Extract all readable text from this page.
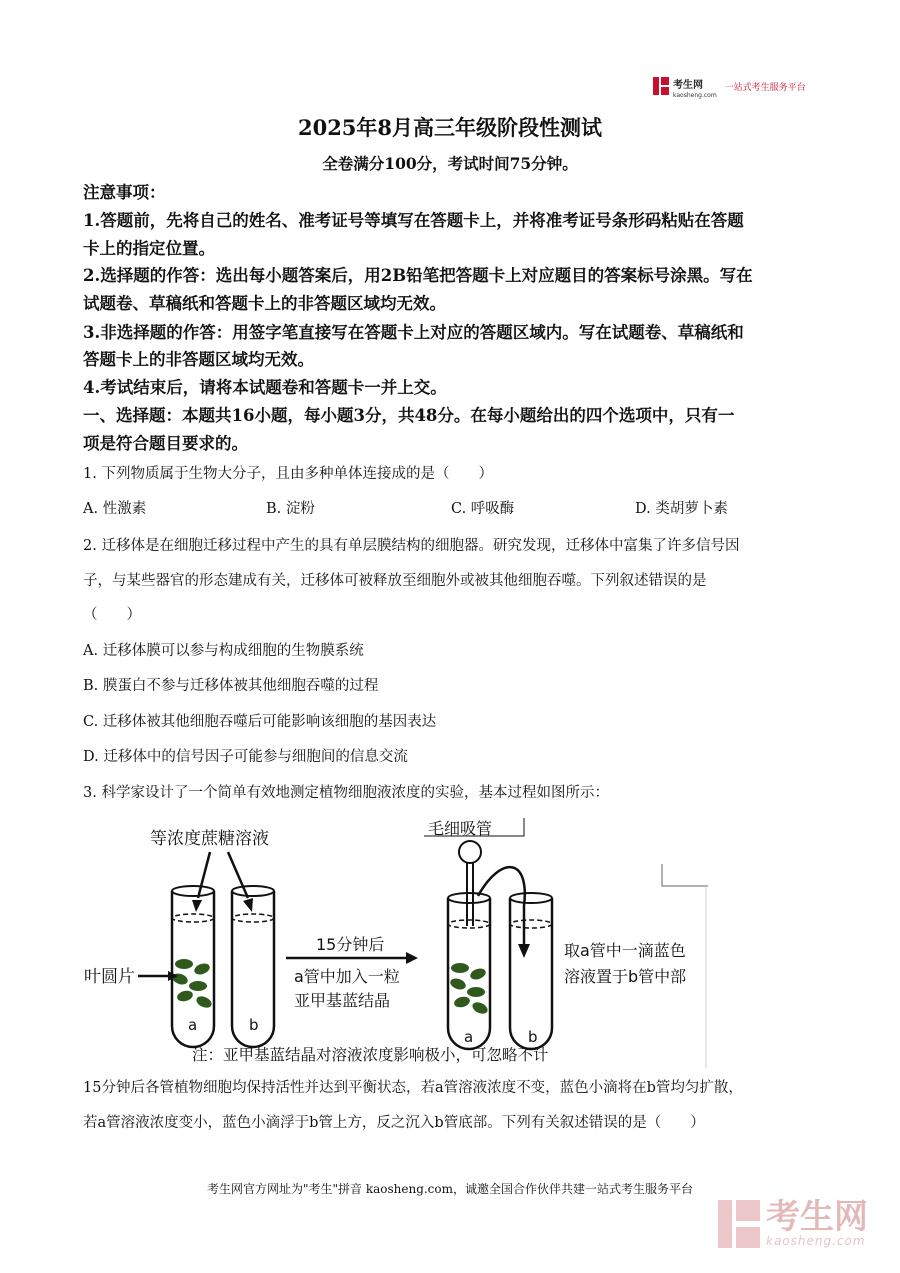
考生网
kaosheng.com
一站式考生服务平台
2025年8月高三年级阶段性测试
全卷满分100分，考试时间75分钟。
注意事项：
1.答题前，先将自己的姓名、准考证号等填写在答题卡上，并将准考证号条形码粘贴在答题
卡上的指定位置。
2.选择题的作答：选出每小题答案后，用2B铅笔把答题卡上对应题目的答案标号涂黑。写在
试题卷、草稿纸和答题卡上的非答题区域均无效。
3.非选择题的作答：用签字笔直接写在答题卡上对应的答题区域内。写在试题卷、草稿纸和
答题卡上的非答题区域均无效。
4.考试结束后，请将本试题卷和答题卡一并上交。
一、选择题：本题共16小题，每小题3分，共48分。在每小题给出的四个选项中，只有一
项是符合题目要求的。
1. 下列物质属于生物大分子，且由多种单体连接成的是（　　）
A. 性激素	B. 淀粉	C. 呼吸酶	D. 类胡萝卜素
2. 迁移体是在细胞迁移过程中产生的具有单层膜结构的细胞器。研究发现，迁移体中富集了许多信号因
子，与某些器官的形态建成有关，迁移体可被释放至细胞外或被其他细胞吞噬。下列叙述错误的是
（　　）
A. 迁移体膜可以参与构成细胞的生物膜系统
B. 膜蛋白不参与迁移体被其他细胞吞噬的过程
C. 迁移体被其他细胞吞噬后可能影响该细胞的基因表达
D. 迁移体中的信号因子可能参与细胞间的信息交流
3. 科学家设计了一个简单有效地测定植物细胞液浓度的实验，基本过程如图所示：
等浓度蔗糖溶液
叶圆片
a	b
15分钟后
a管中加入一粒
亚甲基蓝结晶
毛细吸管
a	b
取a管中一滴蓝色
溶液置于b管中部
注：亚甲基蓝结晶对溶液浓度影响极小，可忽略不计
15分钟后各管植物细胞均保持活性并达到平衡状态，若a管溶液浓度不变，蓝色小滴将在b管均匀扩散，
若a管溶液浓度变小，蓝色小滴浮于b管上方，反之沉入b管底部。下列有关叙述错误的是（　　）
考生网官方网址为"考生"拼音 kaosheng.com，诚邀全国合作伙伴共建一站式考生服务平台
考生网
kaosheng.com
